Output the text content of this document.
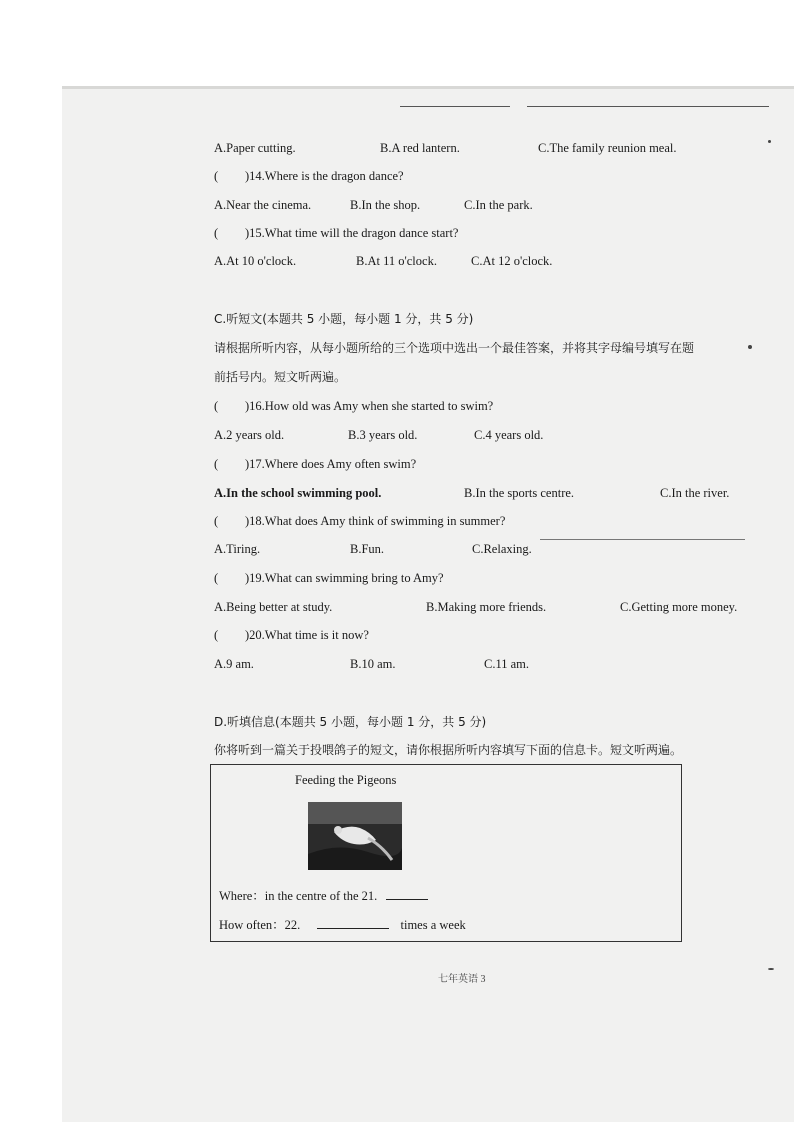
A.Paper cutting.	B.A red lantern.	C.The family reunion meal.
( )14.Where is the dragon dance?
A.Near the cinema.	B.In the shop.	C.In the park.
( )15.What time will the dragon dance start?
A.At 10 o'clock.	B.At 11 o'clock.	C.At 12 o'clock.
C.听短文(本题共 5 小题，每小题 1 分，共 5 分)
请根据所听内容，从每小题所给的三个选项中选出一个最佳答案，并将其字母编号填写在题
前括号内。短文听两遍。
( )16.How old was Amy when she started to swim?
A.2 years old.	B.3 years old.	C.4 years old.
( )17.Where does Amy often swim?
A.In the school swimming pool.	B.In the sports centre.	C.In the river.
( )18.What does Amy think of swimming in summer?
A.Tiring.	B.Fun.	C.Relaxing.
( )19.What can swimming bring to Amy?
A.Being better at study.	B.Making more friends.	C.Getting more money.
( )20.What time is it now?
A.9 am.	B.10 am.	C.11 am.
D.听填信息(本题共 5 小题，每小题 1 分，共 5 分)
你将听到一篇关于投喂鸽子的短文，请你根据所听内容填写下面的信息卡。短文听两遍。
Feeding the Pigeons
Where：in the centre of the 21.
How often：22.	times a week
七年英语 3
